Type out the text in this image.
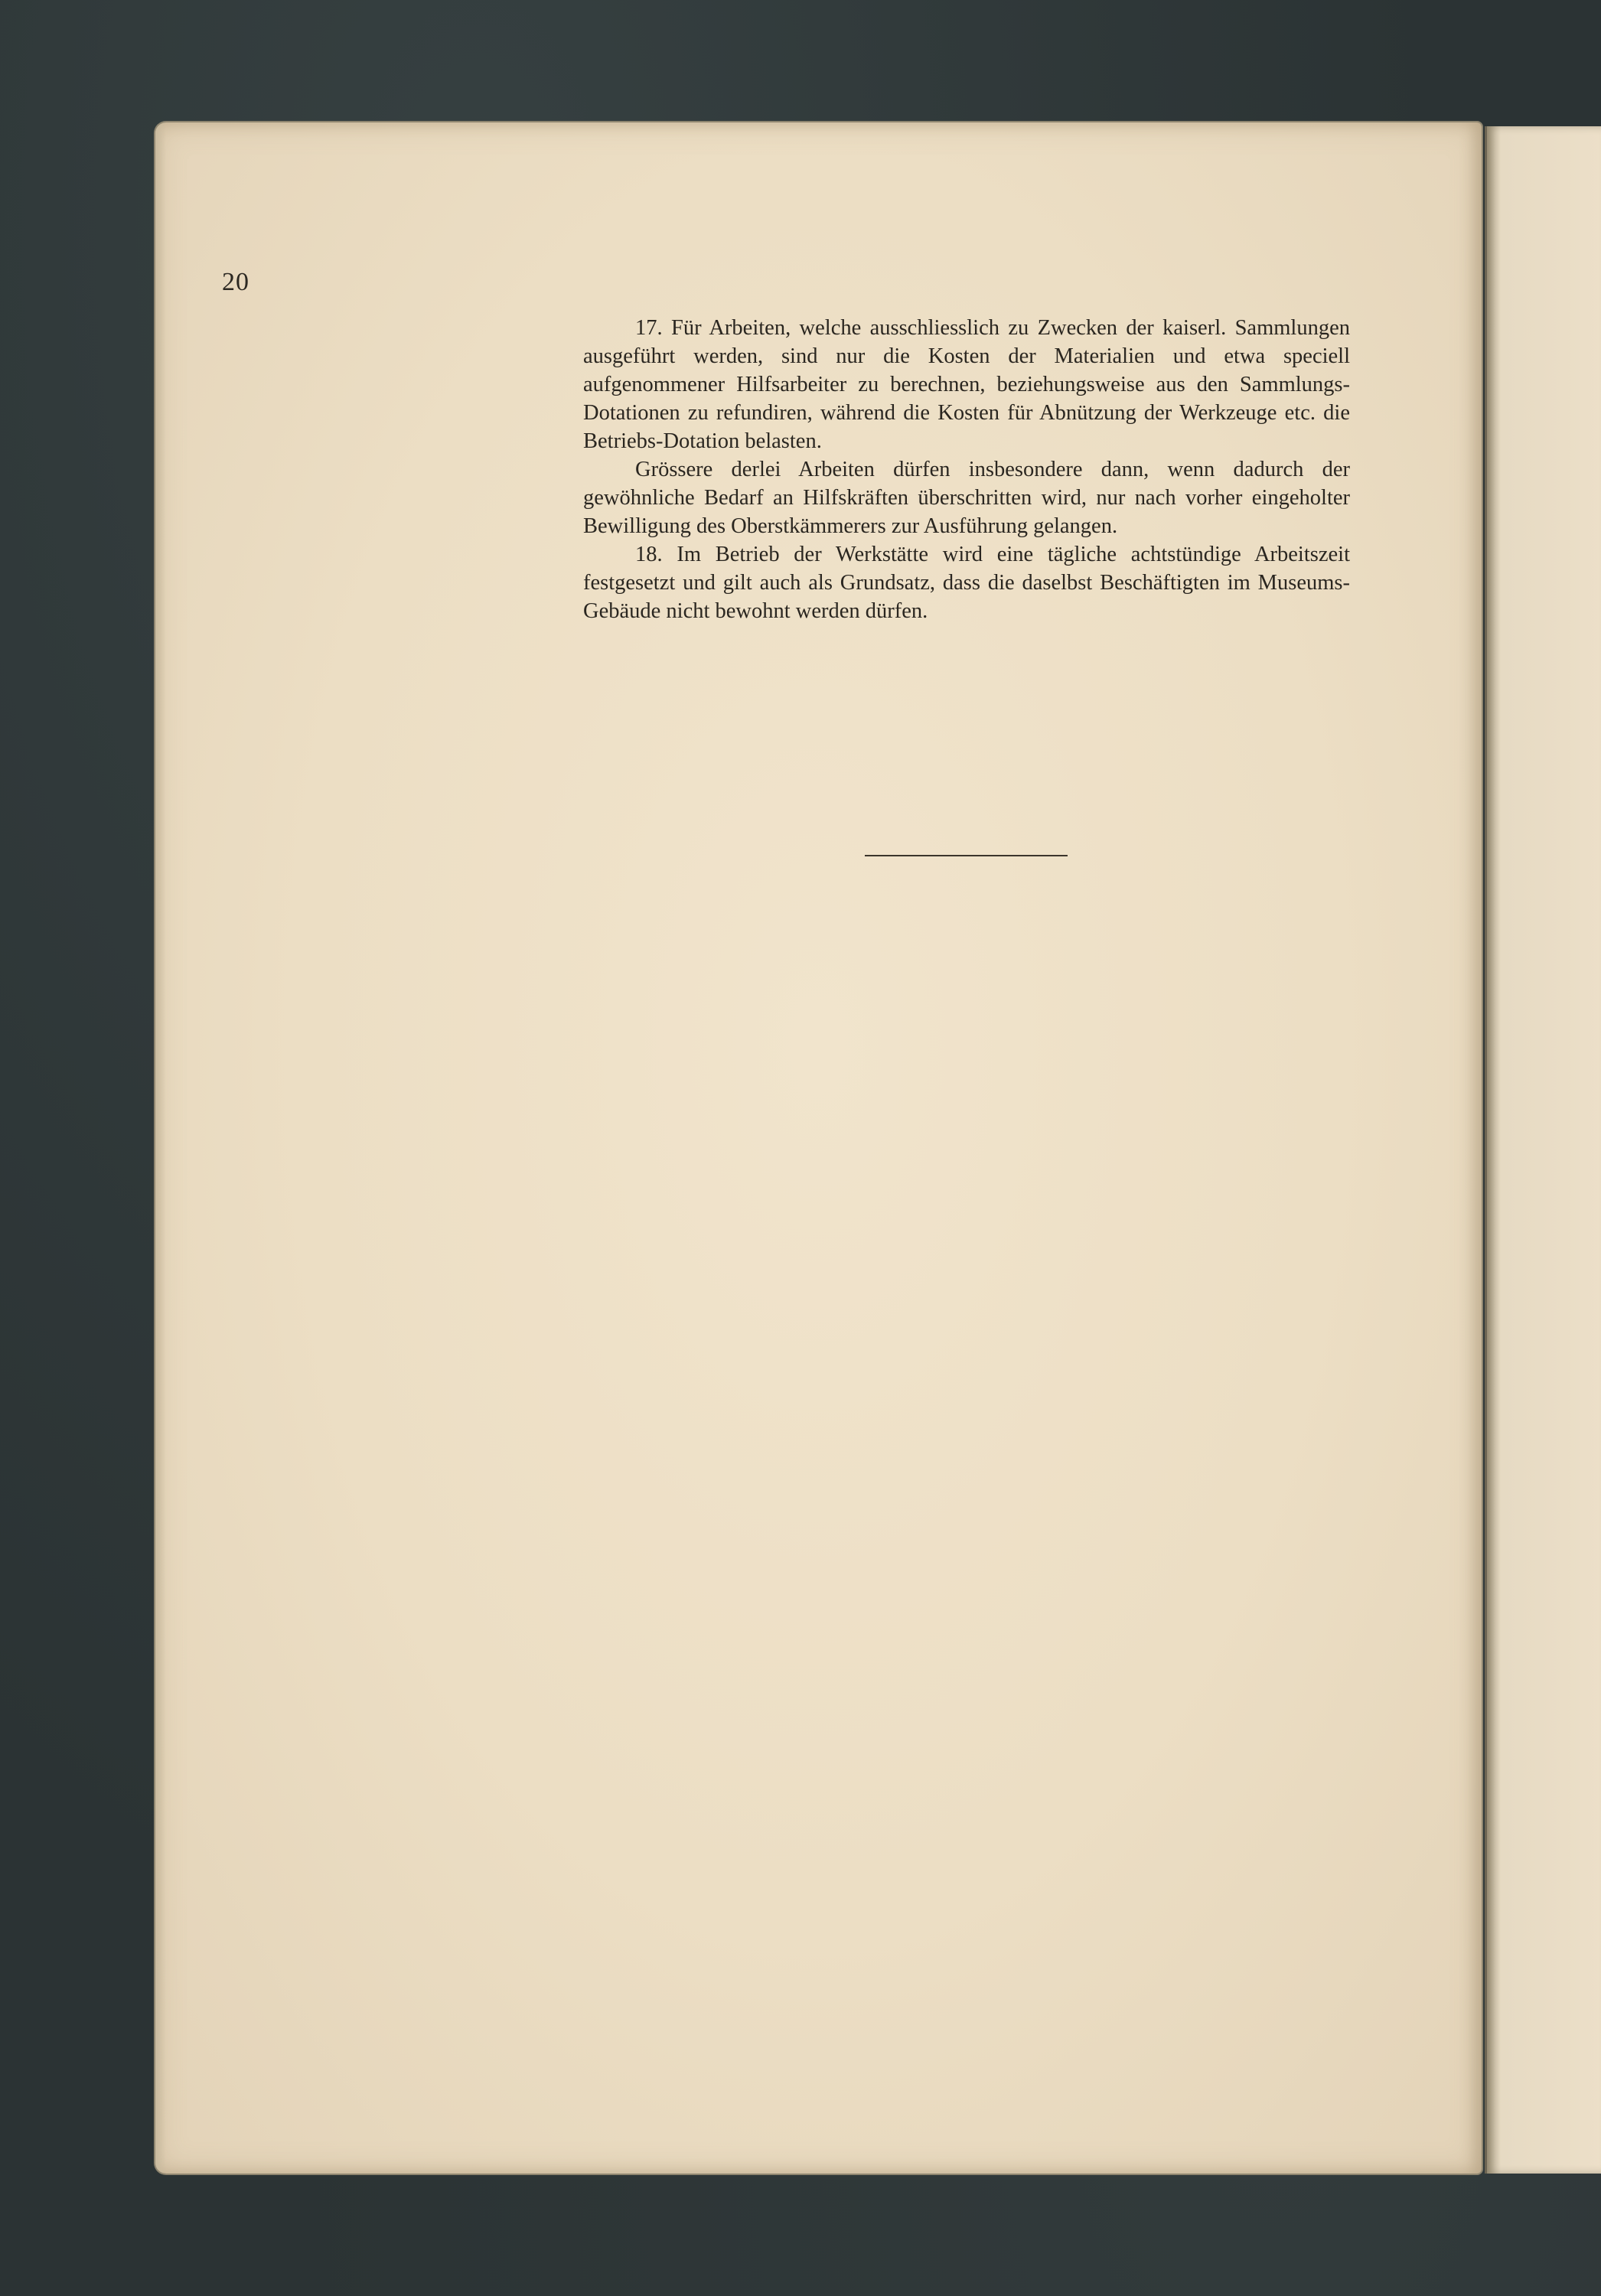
20

17. Für Arbeiten, welche ausschliesslich zu Zwecken der kaiserl. Sammlungen ausgeführt werden, sind nur die Kosten der Materialien und etwa speciell aufgenommener Hilfsarbeiter zu berechnen, beziehungsweise aus den Sammlungs-Dotationen zu refundiren, während die Kosten für Abnützung der Werkzeuge etc. die Betriebs-Dotation belasten.

Grössere derlei Arbeiten dürfen insbesondere dann, wenn dadurch der gewöhnliche Bedarf an Hilfskräften überschritten wird, nur nach vorher eingeholter Bewilligung des Oberstkämmerers zur Ausführung gelangen.

18. Im Betrieb der Werkstätte wird eine tägliche achtstündige Arbeitszeit festgesetzt und gilt auch als Grundsatz, dass die daselbst Beschäftigten im Museums-Gebäude nicht bewohnt werden dürfen.
